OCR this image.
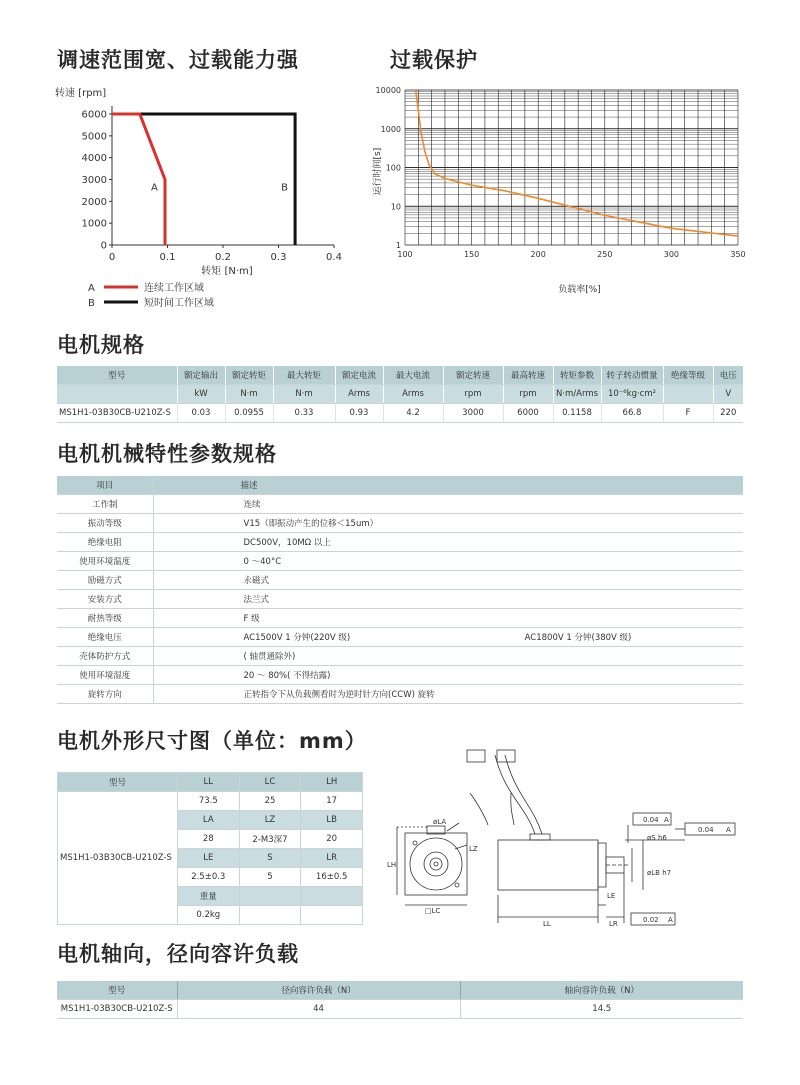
调速范围宽、过载能力强	过载保护
转速 [rpm]
0
1000
2000
3000
4000
5000
6000
0	0.1	0.2	0.3	0.4
转矩 [N·m]
A	B
A	连续工作区域
B	短时间工作区域
1
10
100
1000
10000
100	150	200	250	300	350
运行时间[s]
负载率[%]
电机规格
型号	额定输出	额定转矩	最大转矩	额定电流	最大电流	额定转速	最高转速	转矩参数	转子转动惯量	绝缘等级	电压
	kW	N·m	N·m	Arms	Arms	rpm	rpm	N·m/Arms	10⁻⁶kg·cm²		V
MS1H1-03B30CB-U210Z-S	0.03	0.0955	0.33	0.93	4.2	3000	6000	0.1158	66.8	F	220
电机机械特性参数规格
项目	描述	
工作制	连续	
振动等级	V15（即振动产生的位移＜15um）	
绝缘电阻	DC500V，10MΩ 以上	
使用环境温度	0 ～40°C	
励磁方式	永磁式	
安装方式	法兰式	
耐热等级	F 级	
绝缘电压	AC1500V 1 分钟(220V 级)	AC1800V 1 分钟(380V 级)
壳体防护方式	( 轴贯通除外)	
使用环境湿度	20 ～ 80%( 不得结露)	
旋转方向	正转指令下从负载侧看时为逆时针方向(CCW) 旋转	
电机外形尺寸图（单位：mm）
型号	LL	LC	LH
MS1H1-03B30CB-U210Z-S	73.5	25	17
	LA	LZ	LB
	28	2-M3深7	20
	LE	S	LR
	2.5±0.3	5	16±0.5
	重量		
	0.2kg		
øLA
LZ
LH
□LC
LL
LE
LR
øS h6
øLB h7
0.04
0.04
0.02
A
A
A
电机轴向，径向容许负载
型号	径向容许负载（N）	轴向容许负载（N）
MS1H1-03B30CB-U210Z-S	44	14.5
